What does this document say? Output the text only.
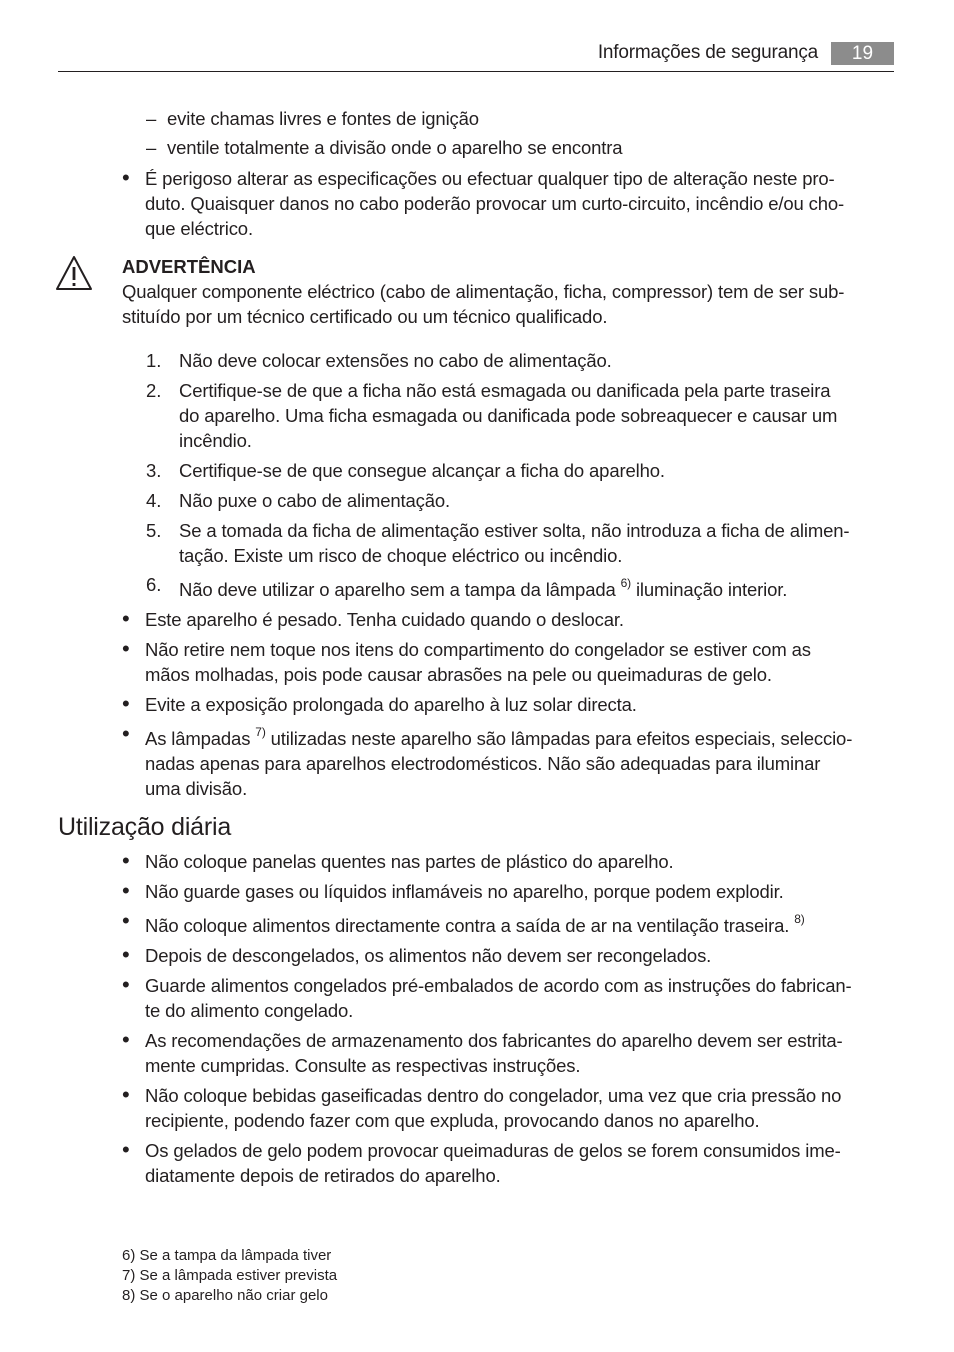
Informações de segurança	19
– evite chamas livres e fontes de ignição
– ventile totalmente a divisão onde o aparelho se encontra
• É perigoso alterar as especificações ou efectuar qualquer tipo de alteração neste pro-
duto. Quaisquer danos no cabo poderão provocar um curto-circuito, incêndio e/ou cho-
que eléctrico.
ADVERTÊNCIA
Qualquer componente eléctrico (cabo de alimentação, ficha, compressor) tem de ser sub-
stituído por um técnico certificado ou um técnico qualificado.
1. Não deve colocar extensões no cabo de alimentação.
2. Certifique-se de que a ficha não está esmagada ou danificada pela parte traseira
do aparelho. Uma ficha esmagada ou danificada pode sobreaquecer e causar um
incêndio.
3. Certifique-se de que consegue alcançar a ficha do aparelho.
4. Não puxe o cabo de alimentação.
5. Se a tomada da ficha de alimentação estiver solta, não introduza a ficha de alimen-
tação. Existe um risco de choque eléctrico ou incêndio.
6. Não deve utilizar o aparelho sem a tampa da lâmpada $^{6)}$ iluminação interior.
• Este aparelho é pesado. Tenha cuidado quando o deslocar.
• Não retire nem toque nos itens do compartimento do congelador se estiver com as
mãos molhadas, pois pode causar abrasões na pele ou queimaduras de gelo.
• Evite a exposição prolongada do aparelho à luz solar directa.
• As lâmpadas $^{7)}$ utilizadas neste aparelho são lâmpadas para efeitos especiais, seleccio-
nadas apenas para aparelhos electrodomésticos. Não são adequadas para iluminar
uma divisão.
Utilização diária
• Não coloque panelas quentes nas partes de plástico do aparelho.
• Não guarde gases ou líquidos inflamáveis no aparelho, porque podem explodir.
• Não coloque alimentos directamente contra a saída de ar na ventilação traseira. $^{8)}$
• Depois de descongelados, os alimentos não devem ser recongelados.
• Guarde alimentos congelados pré-embalados de acordo com as instruções do fabrican-
te do alimento congelado.
• As recomendações de armazenamento dos fabricantes do aparelho devem ser estrita-
mente cumpridas. Consulte as respectivas instruções.
• Não coloque bebidas gaseificadas dentro do congelador, uma vez que cria pressão no
recipiente, podendo fazer com que expluda, provocando danos no aparelho.
• Os gelados de gelo podem provocar queimaduras de gelos se forem consumidos ime-
diatamente depois de retirados do aparelho.
6) Se a tampa da lâmpada tiver
7) Se a lâmpada estiver prevista
8) Se o aparelho não criar gelo
